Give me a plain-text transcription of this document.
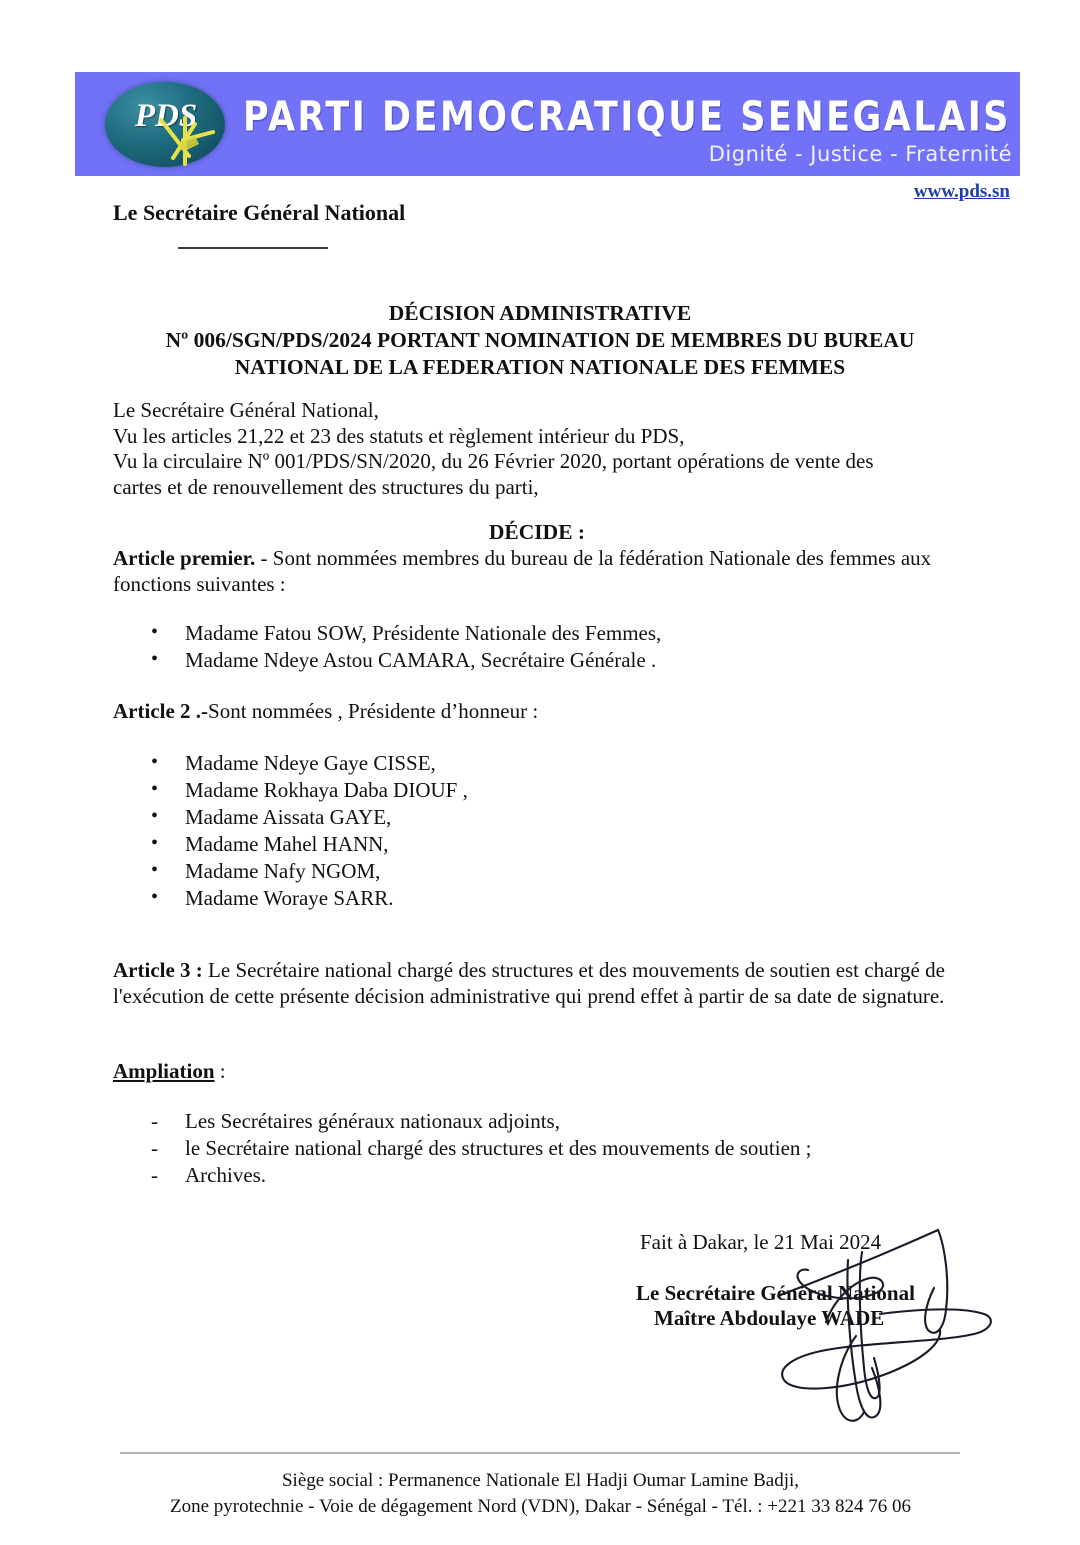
PDS	PARTI DEMOCRATIQUE SENEGALAIS
Dignité - Justice - Fraternité
www.pds.sn
Le Secrétaire Général National
DÉCISION ADMINISTRATIVE
Nº 006/SGN/PDS/2024 PORTANT NOMINATION DE MEMBRES DU BUREAU
NATIONAL DE LA FEDERATION NATIONALE DES FEMMES

Le Secrétaire Général National,

Vu les articles 21,22 et 23 des statuts et règlement intérieur du PDS,

Vu la circulaire Nº 001/PDS/SN/2020, du 26 Février 2020, portant opérations de vente des

cartes et de renouvellement des structures du parti,

DÉCIDE :
Article premier. - Sont nommées membres du bureau de la fédération Nationale des femmes aux fonctions suivantes :
• Madame Fatou SOW, Présidente Nationale des Femmes,
• Madame Ndeye Astou CAMARA, Secrétaire Générale .
Article 2 .-Sont nommées , Présidente d’honneur :
• Madame Ndeye Gaye CISSE,
• Madame Rokhaya Daba DIOUF ,
• Madame Aissata GAYE,
• Madame Mahel HANN,
• Madame Nafy NGOM,
• Madame Woraye SARR.
Article 3 : Le Secrétaire national chargé des structures et des mouvements de soutien est chargé de l'exécution de cette présente décision administrative qui prend effet à partir de sa date de signature.
Ampliation :
- Les Secrétaires généraux nationaux adjoints,
- le Secrétaire national chargé des structures et des mouvements de soutien ;
- Archives.
Fait à Dakar, le 21 Mai 2024
Le Secrétaire Général National
Maître Abdoulaye WADE
Siège social : Permanence Nationale El Hadji Oumar Lamine Badji,
Zone pyrotechnie - Voie de dégagement Nord (VDN), Dakar - Sénégal - Tél. : +221 33 824 76 06
